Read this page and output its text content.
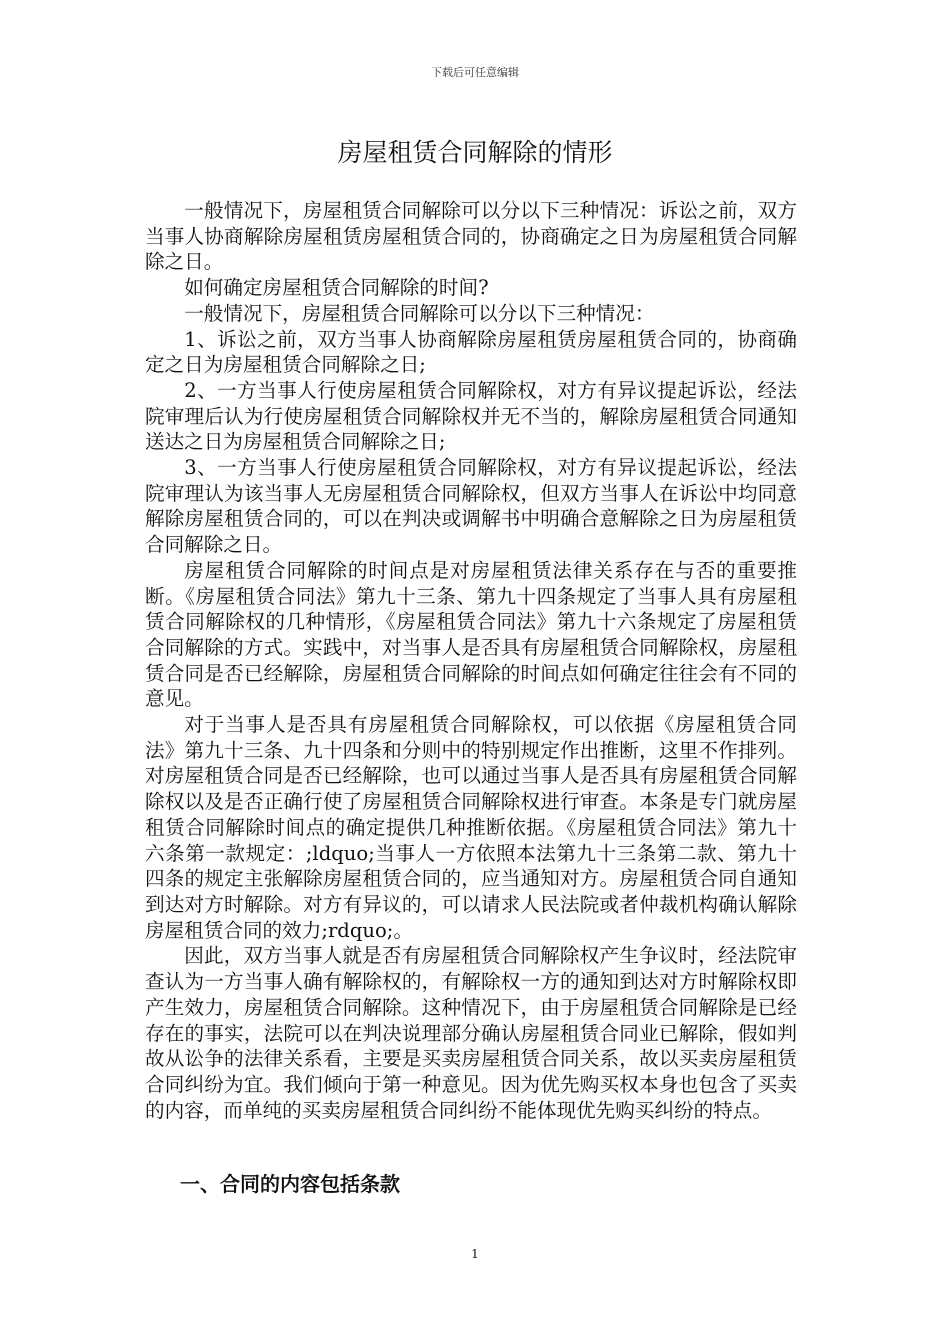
下载后可任意编辑
房屋租赁合同解除的情形

一般情况下，房屋租赁合同解除可以分以下三种情况：诉讼之前，双方当事人协商解除房屋租赁房屋租赁合同的，协商确定之日为房屋租赁合同解除之日。

如何确定房屋租赁合同解除的时间?

一般情况下，房屋租赁合同解除可以分以下三种情况：

1、诉讼之前，双方当事人协商解除房屋租赁房屋租赁合同的，协商确定之日为房屋租赁合同解除之日;

2、一方当事人行使房屋租赁合同解除权，对方有异议提起诉讼，经法院审理后认为行使房屋租赁合同解除权并无不当的，解除房屋租赁合同通知送达之日为房屋租赁合同解除之日;

3、一方当事人行使房屋租赁合同解除权，对方有异议提起诉讼，经法院审理认为该当事人无房屋租赁合同解除权，但双方当事人在诉讼中均同意解除房屋租赁合同的，可以在判决或调解书中明确合意解除之日为房屋租赁合同解除之日。

房屋租赁合同解除的时间点是对房屋租赁法律关系存在与否的重要推断。《房屋租赁合同法》第九十三条、第九十四条规定了当事人具有房屋租赁合同解除权的几种情形，《房屋租赁合同法》第九十六条规定了房屋租赁合同解除的方式。实践中，对当事人是否具有房屋租赁合同解除权，房屋租赁合同是否已经解除，房屋租赁合同解除的时间点如何确定往往会有不同的意见。

对于当事人是否具有房屋租赁合同解除权，可以依据《房屋租赁合同法》第九十三条、九十四条和分则中的特别规定作出推断，这里不作排列。对房屋租赁合同是否已经解除，也可以通过当事人是否具有房屋租赁合同解除权以及是否正确行使了房屋租赁合同解除权进行审查。本条是专门就房屋租赁合同解除时间点的确定提供几种推断依据。《房屋租赁合同法》第九十六条第一款规定：;ldquo;当事人一方依照本法第九十三条第二款、第九十四条的规定主张解除房屋租赁合同的，应当通知对方。房屋租赁合同自通知到达对方时解除。对方有异议的，可以请求人民法院或者仲裁机构确认解除房屋租赁合同的效力;rdquo;。

因此，双方当事人就是否有房屋租赁合同解除权产生争议时，经法院审查认为一方当事人确有解除权的，有解除权一方的通知到达对方时解除权即产生效力，房屋租赁合同解除。这种情况下，由于房屋租赁合同解除是已经存在的事实，法院可以在判决说理部分确认房屋租赁合同业已解除，假如判故从讼争的法律关系看，主要是买卖房屋租赁合同关系，故以买卖房屋租赁合同纠纷为宜。我们倾向于第一种意见。因为优先购买权本身也包含了买卖的内容，而单纯的买卖房屋租赁合同纠纷不能体现优先购买纠纷的特点。

一、合同的内容包括条款
1
